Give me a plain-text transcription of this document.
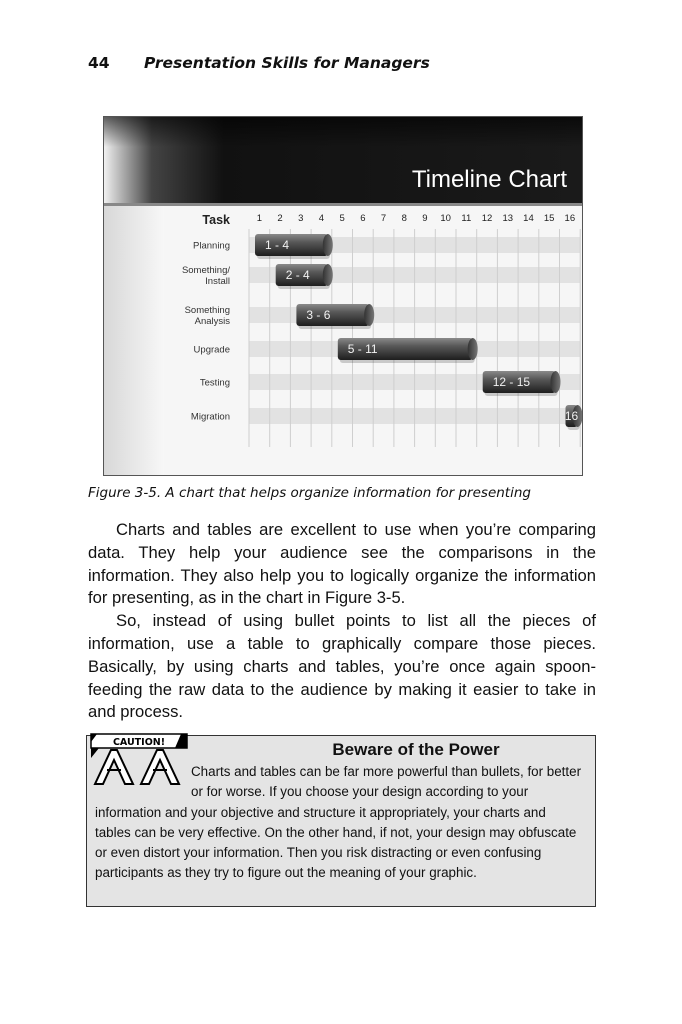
44 Presentation Skills for Managers
Timeline Chart
1 - 4
2 - 4
3 - 6
5 - 11
12 - 15
16
1 2 3 4 5 6 7 8 9 10 11 12 13 14 15 16
Task
Planning
Something/
Install
Something
Analysis
Upgrade
Testing
Migration
Figure 3-5. A chart that helps organize information for presenting

Charts and tables are excellent to use when you’re comparing data. They help your audience see the comparisons in the information. They also help you to logically organize the information for presenting, as in the chart in Figure 3-5.

So, instead of using bullet points to list all the pieces of information, use a table to graphically compare those pieces. Basically, by using charts and tables, you’re once again spoon-feeding the raw data to the audience by making it easier to take in and process.

CAUTION!	Beware of the Power
Charts and tables can be far more powerful than bullets, for better or for worse. If you choose your design according to your information and your objective and structure it appropriately, your charts and tables can be very effective. On the other hand, if not, your design may obfuscate or even distort your information. Then you risk distracting or even confusing participants as they try to figure out the meaning of your graphic.
